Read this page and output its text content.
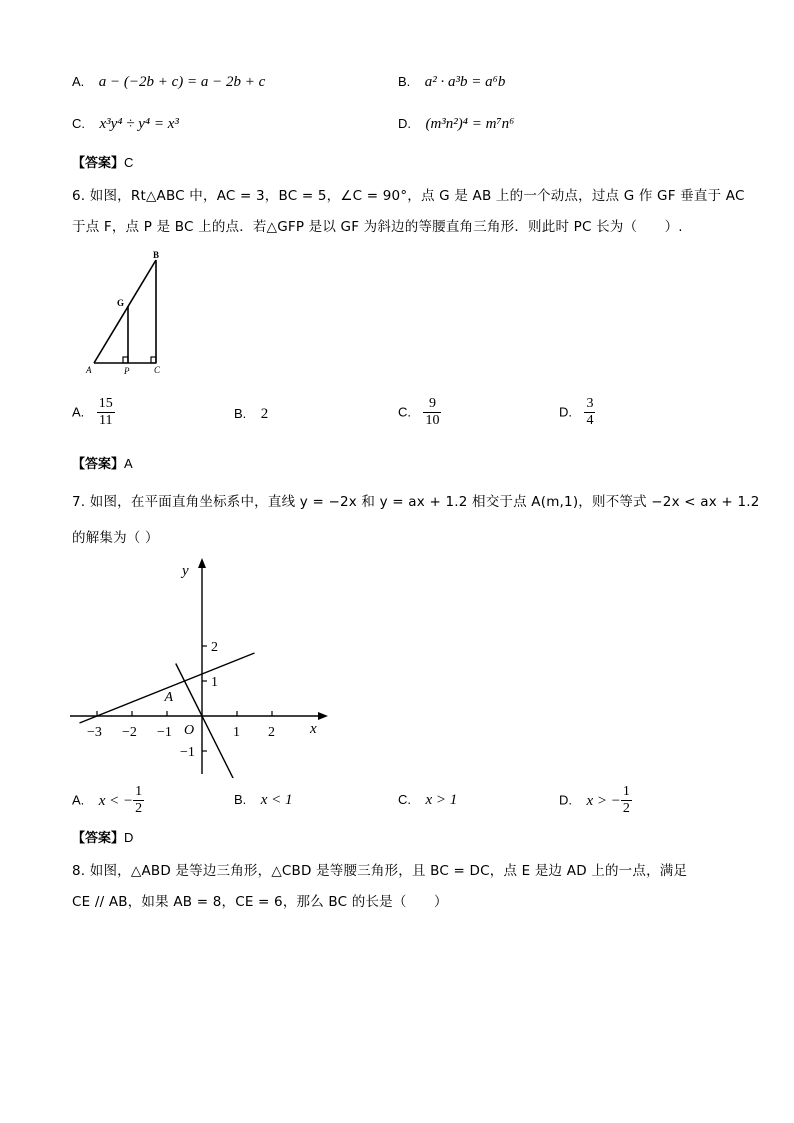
A. a − (−2b + c) = a − 2b + c	B. a² · a³b = a⁶b
C. x³y⁴ ÷ y⁴ = x³	D. (m³n²)⁴ = m⁷n⁶
【答案】C
6. 如图，Rt△ABC 中，AC = 3，BC = 5，∠C = 90°，点 G 是 AB 上的一个动点，过点 G 作 GF 垂直于 AC
于点 F，点 P 是 BC 上的点．若△GFP 是以 GF 为斜边的等腰直角三角形．则此时 PC 长为（　　）.
A	P	C
G
B
A. $\frac{15}{11}$	B. 2	C. $\frac{9}{10}$	D. $\frac{3}{4}$
【答案】A
7. 如图，在平面直角坐标系中，直线 y = −2x 和 y = ax + 1.2 相交于点 A(m,1)，则不等式 −2x < ax + 1.2
的解集为（ ）
x
y
O
−3 −2 −1	1 2
2
1
−1
A
A. x < − $\frac{1}{2}$	B. x < 1	C. x > 1	D. x > − $\frac{1}{2}$
【答案】D
8. 如图，△ABD 是等边三角形，△CBD 是等腰三角形，且 BC = DC，点 E 是边 AD 上的一点，满足
CE // AB，如果 AB = 8，CE = 6，那么 BC 的长是（　　）
